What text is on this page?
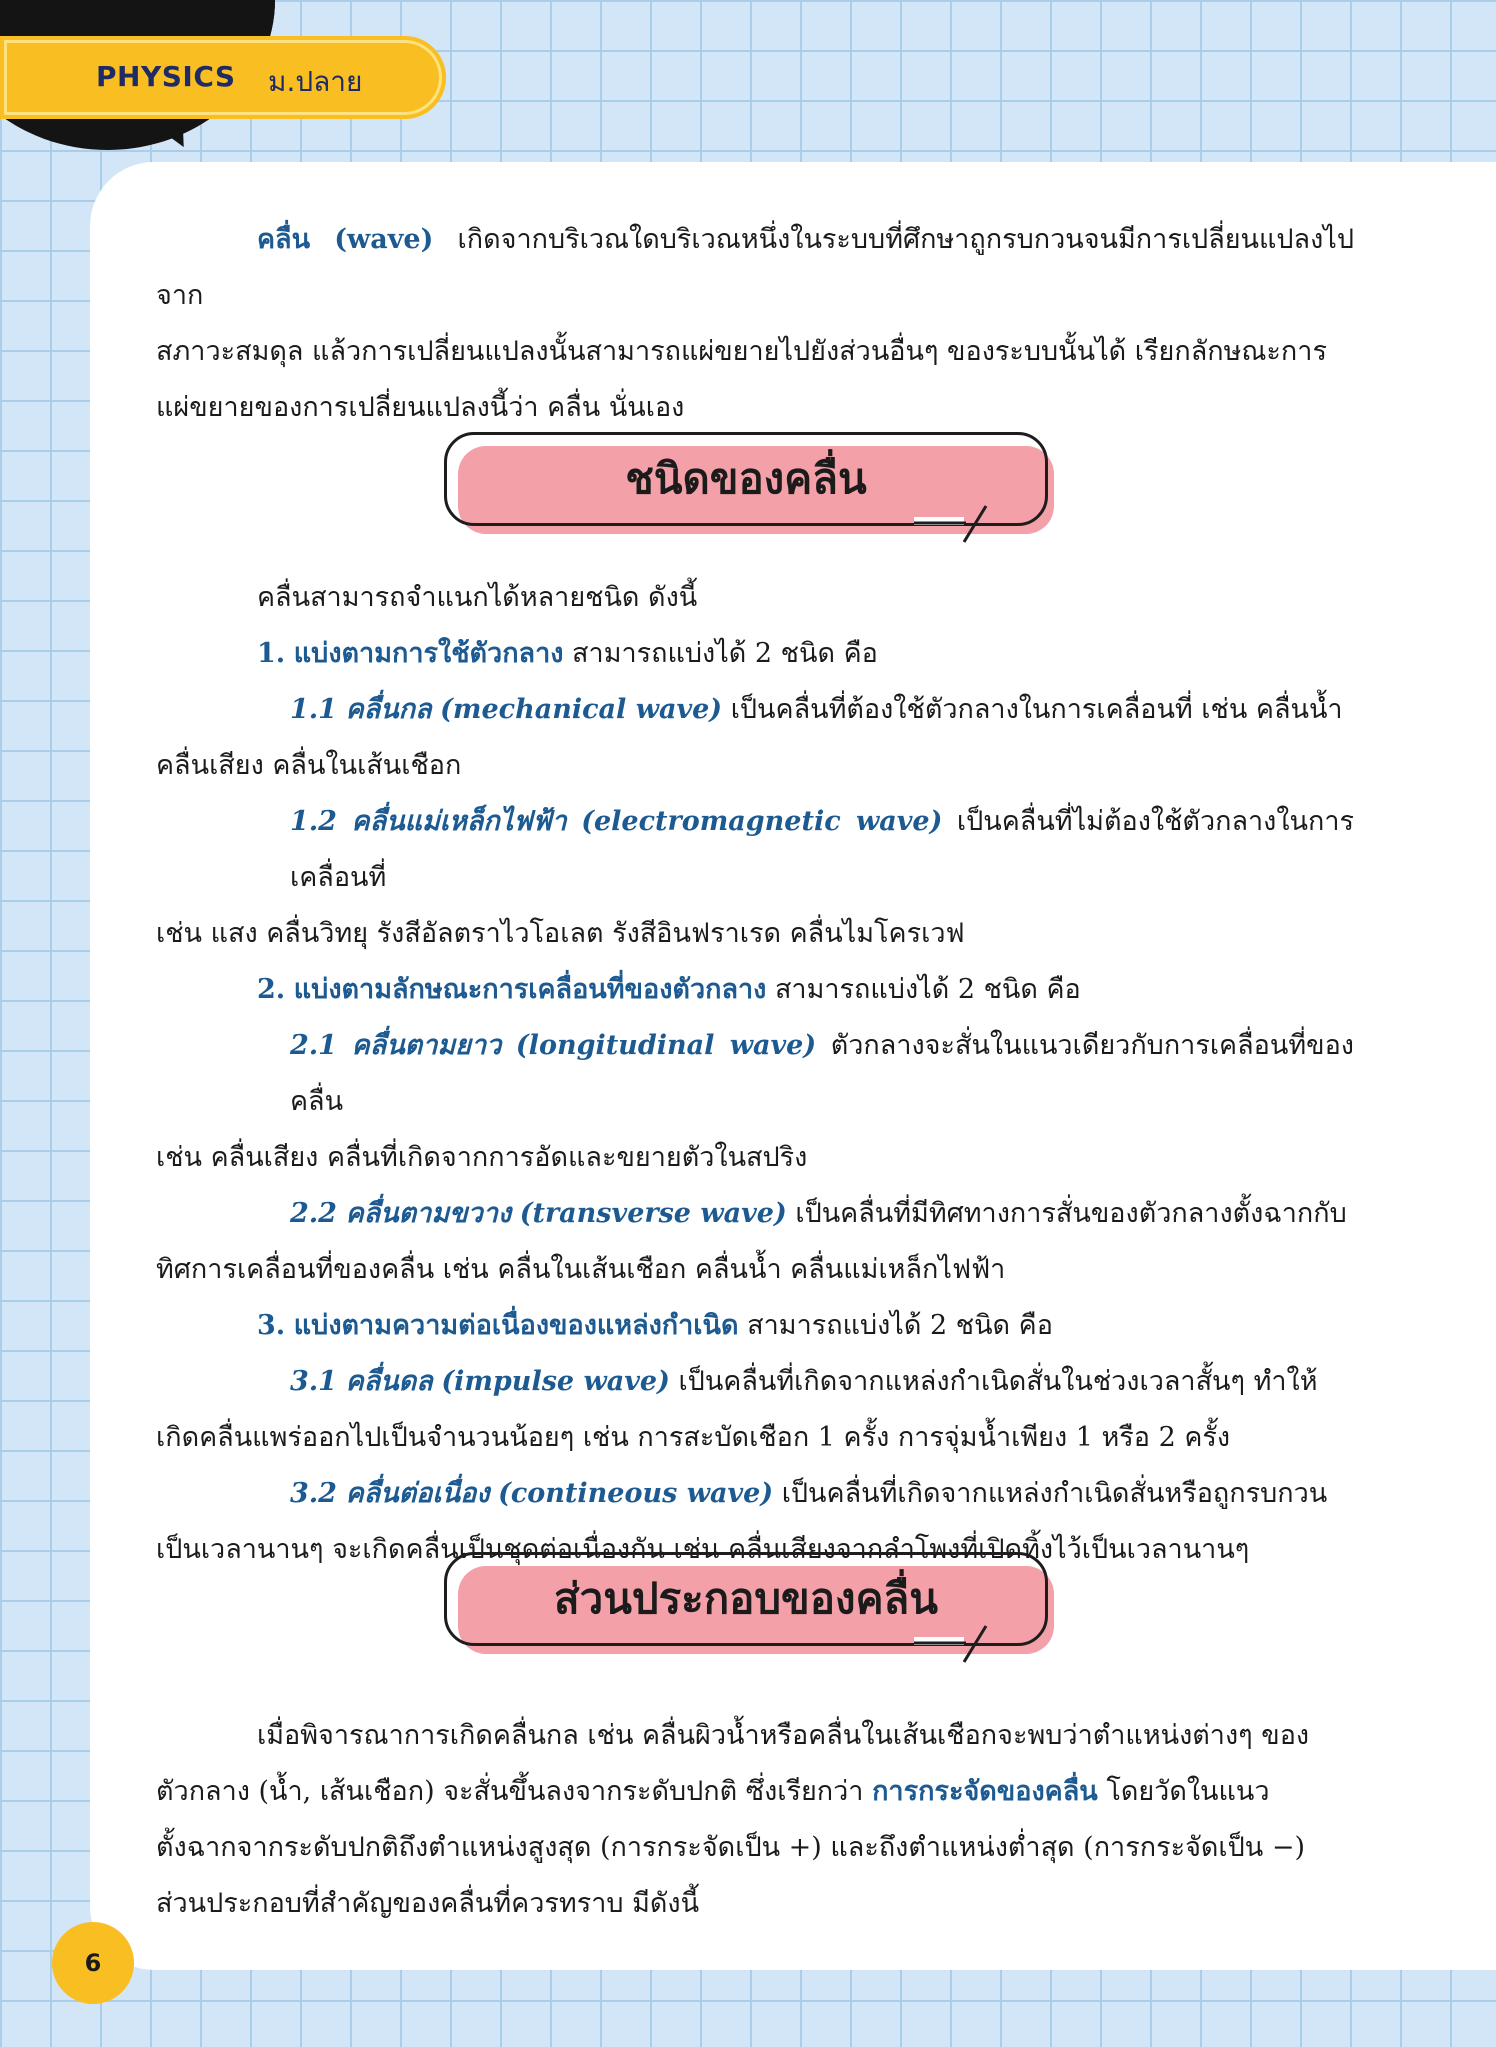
PHYSICS ม.ปลาย
คลื่น (wave) เกิดจากบริเวณใดบริเวณหนึ่งในระบบที่ศึกษาถูกรบกวนจนมีการเปลี่ยนแปลงไปจาก
สภาวะสมดุล แล้วการเปลี่ยนแปลงนั้นสามารถแผ่ขยายไปยังส่วนอื่นๆ ของระบบนั้นได้ เรียกลักษณะการ
แผ่ขยายของการเปลี่ยนแปลงนี้ว่า คลื่น นั่นเอง
ชนิดของคลื่น
คลื่นสามารถจำแนกได้หลายชนิด ดังนี้
1. แบ่งตามการใช้ตัวกลาง สามารถแบ่งได้ 2 ชนิด คือ
1.1 คลื่นกล (mechanical wave) เป็นคลื่นที่ต้องใช้ตัวกลางในการเคลื่อนที่ เช่น คลื่นน้ำ
คลื่นเสียง คลื่นในเส้นเชือก
1.2 คลื่นแม่เหล็กไฟฟ้า (electromagnetic wave) เป็นคลื่นที่ไม่ต้องใช้ตัวกลางในการเคลื่อนที่
เช่น แสง คลื่นวิทยุ รังสีอัลตราไวโอเลต รังสีอินฟราเรด คลื่นไมโครเวฟ
2. แบ่งตามลักษณะการเคลื่อนที่ของตัวกลาง สามารถแบ่งได้ 2 ชนิด คือ
2.1 คลื่นตามยาว (longitudinal wave) ตัวกลางจะสั่นในแนวเดียวกับการเคลื่อนที่ของคลื่น
เช่น คลื่นเสียง คลื่นที่เกิดจากการอัดและขยายตัวในสปริง
2.2 คลื่นตามขวาง (transverse wave) เป็นคลื่นที่มีทิศทางการสั่นของตัวกลางตั้งฉากกับ
ทิศการเคลื่อนที่ของคลื่น เช่น คลื่นในเส้นเชือก คลื่นน้ำ คลื่นแม่เหล็กไฟฟ้า
3. แบ่งตามความต่อเนื่องของแหล่งกำเนิด สามารถแบ่งได้ 2 ชนิด คือ
3.1 คลื่นดล (impulse wave) เป็นคลื่นที่เกิดจากแหล่งกำเนิดสั่นในช่วงเวลาสั้นๆ ทำให้
เกิดคลื่นแพร่ออกไปเป็นจำนวนน้อยๆ เช่น การสะบัดเชือก 1 ครั้ง การจุ่มน้ำเพียง 1 หรือ 2 ครั้ง
3.2 คลื่นต่อเนื่อง (contineous wave) เป็นคลื่นที่เกิดจากแหล่งกำเนิดสั่นหรือถูกรบกวน
เป็นเวลานานๆ จะเกิดคลื่นเป็นชุดต่อเนื่องกัน เช่น คลื่นเสียงจากลำโพงที่เปิดทิ้งไว้เป็นเวลานานๆ
ส่วนประกอบของคลื่น
เมื่อพิจารณาการเกิดคลื่นกล เช่น คลื่นผิวน้ำหรือคลื่นในเส้นเชือกจะพบว่าตำแหน่งต่างๆ ของ
ตัวกลาง (น้ำ, เส้นเชือก) จะสั่นขึ้นลงจากระดับปกติ ซึ่งเรียกว่า การกระจัดของคลื่น โดยวัดในแนว
ตั้งฉากจากระดับปกติถึงตำแหน่งสูงสุด (การกระจัดเป็น +) และถึงตำแหน่งต่ำสุด (การกระจัดเป็น −)
ส่วนประกอบที่สำคัญของคลื่นที่ควรทราบ มีดังนี้
6
